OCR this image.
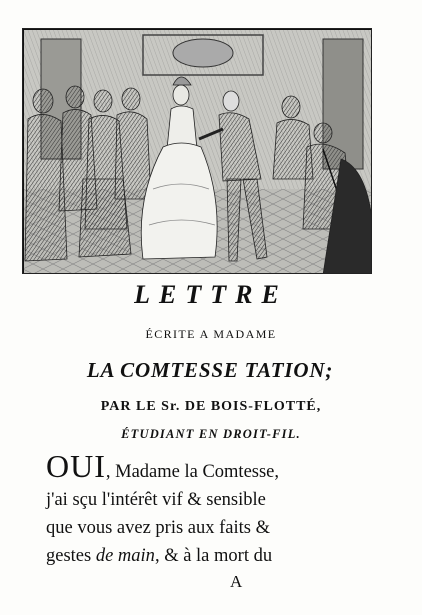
LETTRE
ÉCRITE A MADAME
LA COMTESSE TATION;
PAR LE Sr. DE BOIS-FLOTTÉ,
ÉTUDIANT EN DROIT-FIL.
OUI, Madame la Comtesse,
j'ai sçu l'intérêt vif & sensible
que vous avez pris aux faits &
gestes de main, & à la mort du
A
